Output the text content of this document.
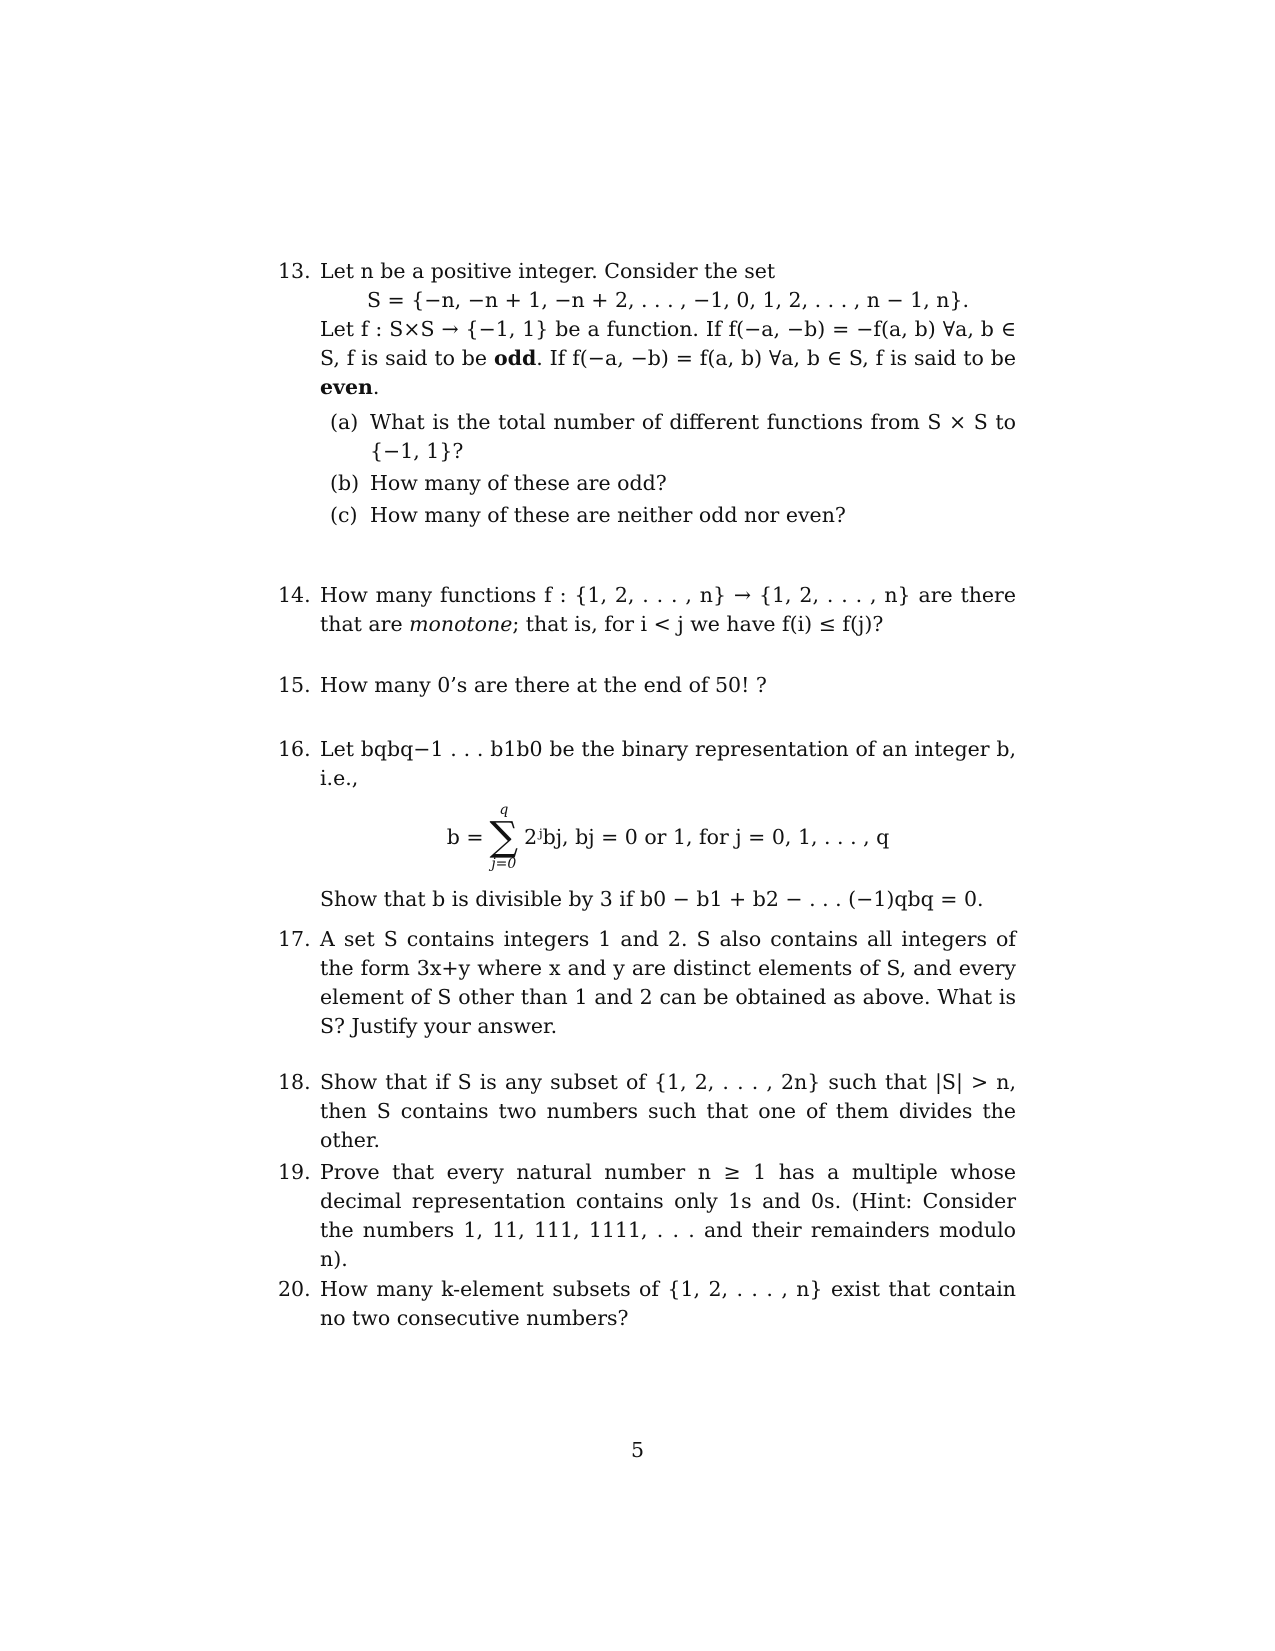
13. Let n be a positive integer. Consider the set

S = {−n, −n + 1, −n + 2, . . . , −1, 0, 1, 2, . . . , n − 1, n}.

Let f : S×S → {−1, 1} be a function. If f(−a, −b) = −f(a, b) ∀a, b ∈ S, f is said to be odd. If f(−a, −b) = f(a, b) ∀a, b ∈ S, f is said to be even.

(a) What is the total number of different functions from S × S to {−1, 1}?
(b) How many of these are odd?
(c) How many of these are neither odd nor even?
14. How many functions f : {1, 2, . . . , n} → {1, 2, . . . , n} are there that are monotone; that is, for i < j we have f(i) ≤ f(j)?

15. How many 0’s are there at the end of 50! ?

16. Let bqbq−1 . . . b1b0 be the binary representation of an integer b, i.e.,

b =
q
∑
j=0
2ʲbj, bj = 0 or 1, for j = 0, 1, . . . , q

Show that b is divisible by 3 if b0 − b1 + b2 − . . . (−1)qbq = 0.

17. A set S contains integers 1 and 2. S also contains all integers of the form 3x+y where x and y are distinct elements of S, and every element of S other than 1 and 2 can be obtained as above. What is S? Justify your answer.

18. Show that if S is any subset of {1, 2, . . . , 2n} such that |S| > n, then S contains two numbers such that one of them divides the other.

19. Prove that every natural number n ≥ 1 has a multiple whose decimal representation contains only 1s and 0s. (Hint: Consider the numbers 1, 11, 111, 1111, . . . and their remainders modulo n).

20. How many k-element subsets of {1, 2, . . . , n} exist that contain no two consecutive numbers?

5
